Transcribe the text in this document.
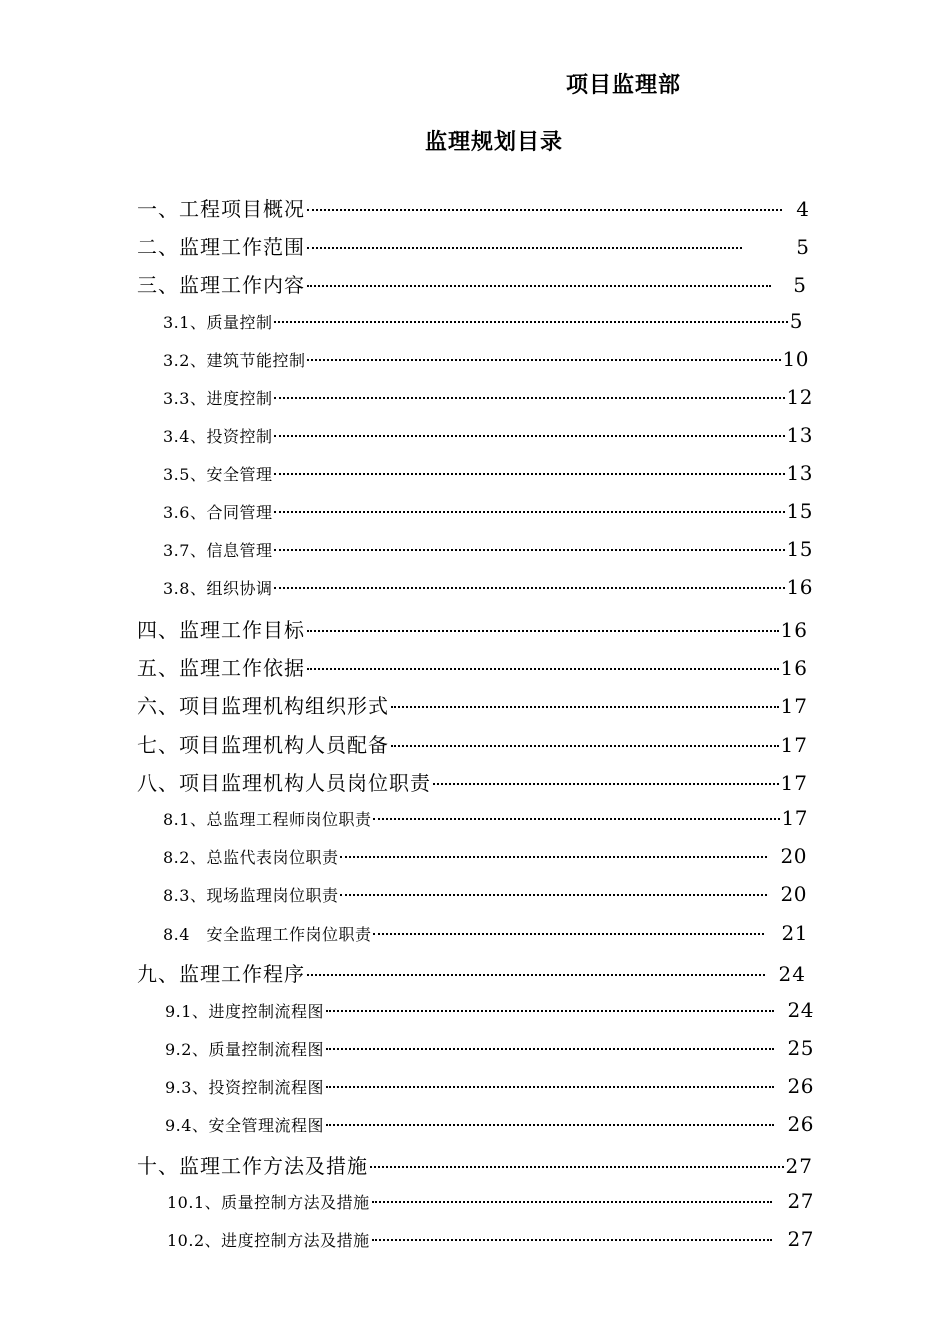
项目监理部
监理规划目录
一、工程项目概况	4
二、监理工作范围	5
三、监理工作内容	5
3.1、质量控制	5
3.2、建筑节能控制	10
3.3、进度控制	12
3.4、投资控制	13
3.5、安全管理	13
3.6、合同管理	15
3.7、信息管理	15
3.8、组织协调	16
四、监理工作目标	16
五、监理工作依据	16
六、项目监理机构组织形式	17
七、项目监理机构人员配备	17
八、项目监理机构人员岗位职责	17
8.1、总监理工程师岗位职责	17
8.2、总监代表岗位职责	20
8.3、现场监理岗位职责	20
8.4　安全监理工作岗位职责	21
九、监理工作程序	24
9.1、进度控制流程图	24
9.2、质量控制流程图	25
9.3、投资控制流程图	26
9.4、安全管理流程图	26
十、监理工作方法及措施	27
10.1、质量控制方法及措施	27
10.2、进度控制方法及措施	27
